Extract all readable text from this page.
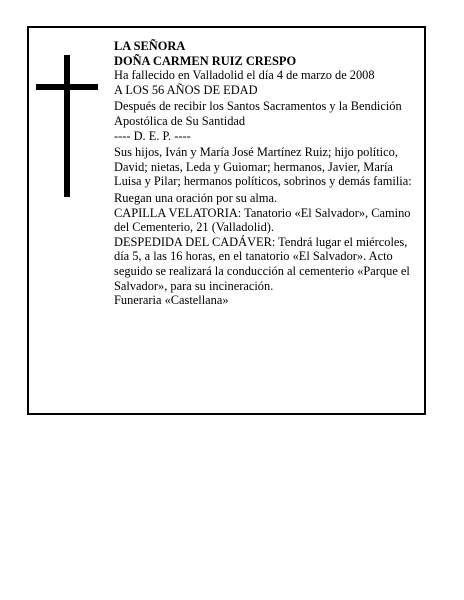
LA SEÑORA

DOÑA CARMEN RUIZ CRESPO

Ha fallecido en Valladolid el día 4 de marzo de 2008

A LOS 56 AÑOS DE EDAD

Después de recibir los Santos Sacramentos y la Bendición Apostólica de Su Santidad

---- D. E. P. ----

Sus hijos, Iván y María José Martínez Ruiz; hijo político, David; nietas, Leda y Guiomar; hermanos, Javier, María Luisa y Pilar; hermanos políticos, sobrinos y demás familia:

Ruegan una oración por su alma.

CAPILLA VELATORIA: Tanatorio «El Salvador», Camino del Cementerio, 21 (Valladolid).

DESPEDIDA DEL CADÁVER: Tendrá lugar el miércoles, día 5, a las 16 horas, en el tanatorio «El Salvador». Acto seguido se realizará la conducción al cementerio «Parque el Salvador», para su incineración.

Funeraria «Castellana»
